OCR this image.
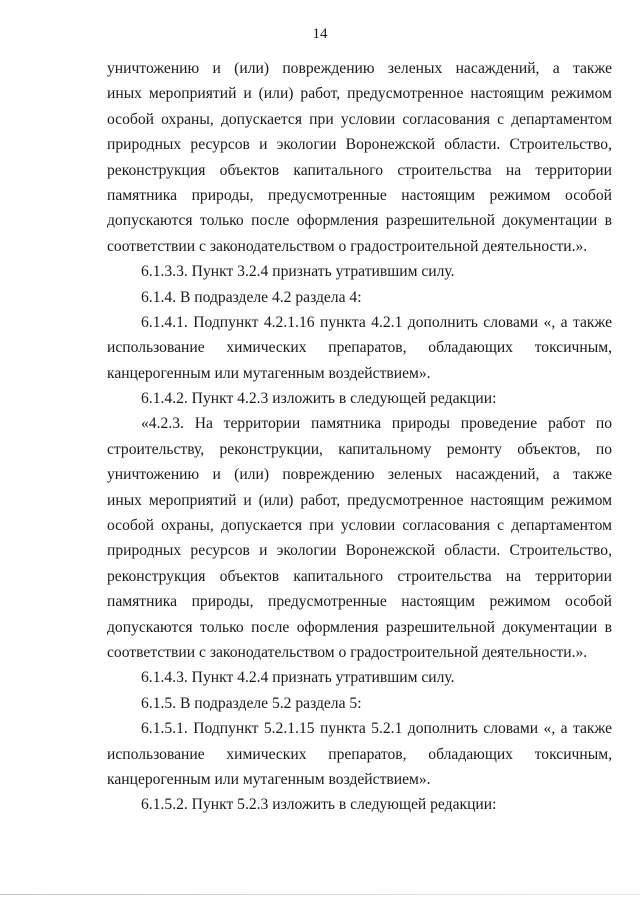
14
уничтожению и (или) повреждению зеленых насаждений, а также
иных мероприятий и (или) работ, предусмотренное настоящим режимом
особой охраны, допускается при условии согласования с департаментом
природных ресурсов и экологии Воронежской области. Строительство,
реконструкция объектов капитального строительства на территории
памятника природы, предусмотренные настоящим режимом особой
допускаются только после оформления разрешительной документации в
соответствии с законодательством о градостроительной деятельности.».
6.1.3.3. Пункт 3.2.4 признать утратившим силу.
6.1.4. В подразделе 4.2 раздела 4:
6.1.4.1. Подпункт 4.2.1.16 пункта 4.2.1 дополнить словами «, а также
использование химических препаратов, обладающих токсичным,
канцерогенным или мутагенным воздействием».
6.1.4.2. Пункт 4.2.3 изложить в следующей редакции:
«4.2.3. На территории памятника природы проведение работ по
строительству, реконструкции, капитальному ремонту объектов, по
уничтожению и (или) повреждению зеленых насаждений, а также
иных мероприятий и (или) работ, предусмотренное настоящим режимом
особой охраны, допускается при условии согласования с департаментом
природных ресурсов и экологии Воронежской области. Строительство,
реконструкция объектов капитального строительства на территории
памятника природы, предусмотренные настоящим режимом особой
допускаются только после оформления разрешительной документации в
соответствии с законодательством о градостроительной деятельности.».
6.1.4.3. Пункт 4.2.4 признать утратившим силу.
6.1.5. В подразделе 5.2 раздела 5:
6.1.5.1. Подпункт 5.2.1.15 пункта 5.2.1 дополнить словами «, а также
использование химических препаратов, обладающих токсичным,
канцерогенным или мутагенным воздействием».
6.1.5.2. Пункт 5.2.3 изложить в следующей редакции:
